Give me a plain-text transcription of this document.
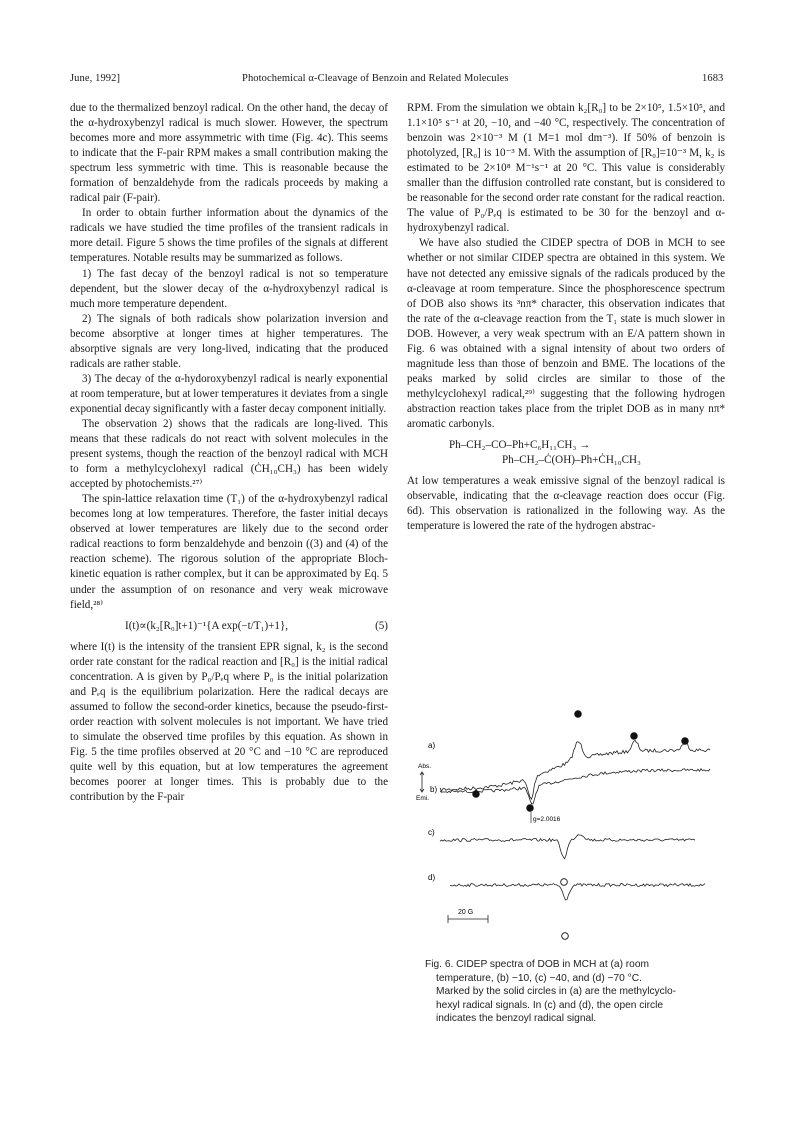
June, 1992]	Photochemical α-Cleavage of Benzoin and Related Molecules	1683

due to the thermalized benzoyl radical. On the other hand, the decay of the α-hydroxybenzyl radical is much slower. However, the spectrum becomes more and more assymmetric with time (Fig. 4c). This seems to indicate that the F-pair RPM makes a small contribution making the spectrum less symmetric with time. This is reasonable because the formation of benzaldehyde from the radicals proceeds by making a radical pair (F-pair).

In order to obtain further information about the dynamics of the radicals we have studied the time profiles of the transient radicals in more detail. Figure 5 shows the time profiles of the signals at different temperatures. Notable results may be summarized as follows.

1) The fast decay of the benzoyl radical is not so temperature dependent, but the slower decay of the α-hydroxybenzyl radical is much more temperature dependent.

2) The signals of both radicals show polarization inversion and become absorptive at longer times at higher temperatures. The absorptive signals are very long-lived, indicating that the produced radicals are rather stable.

3) The decay of the α-hydoroxybenzyl radical is nearly exponential at room temperature, but at lower temperatures it deviates from a single exponential decay significantly with a faster decay component initially.

The observation 2) shows that the radicals are long-lived. This means that these radicals do not react with solvent molecules in the present systems, though the reaction of the benzoyl radical with MCH to form a methylcyclohexyl radical (ĊH₁₀CH₃) has been widely accepted by photochemists.²⁷⁾

The spin-lattice relaxation time (T₁) of the α-hydroxybenzyl radical becomes long at low temperatures. Therefore, the faster initial decays observed at lower temperatures are likely due to the second order radical reactions to form benzaldehyde and benzoin ((3) and (4) of the reaction scheme). The rigorous solution of the appropriate Bloch-kinetic equation is rather complex, but it can be approximated by Eq. 5 under the assumption of on resonance and very weak microwave field,²⁸⁾

I(t)∝(k₂[R₀]t+1)⁻¹{A exp(−t/T₁)+1},	(5)

where I(t) is the intensity of the transient EPR signal, k₂ is the second order rate constant for the radical reaction and [R₀] is the initial radical concentration. A is given by P₀/Pₑq where P₀ is the initial polarization and Pₑq is the equilibrium polarization. Here the radical decays are assumed to follow the second-order kinetics, because the pseudo-first-order reaction with solvent molecules is not important. We have tried to simulate the observed time profiles by this equation. As shown in Fig. 5 the time profiles observed at 20 °C and −10 °C are reproduced quite well by this equation, but at low temperatures the agreement becomes poorer at longer times. This is probably due to the contribution by the F-pair

RPM. From the simulation we obtain k₂[R₀] to be 2×10⁵, 1.5×10⁵, and 1.1×10⁵ s⁻¹ at 20, −10, and −40 °C, respectively. The concentration of benzoin was 2×10⁻³ M (1 M=1 mol dm⁻³). If 50% of benzoin is photolyzed, [R₀] is 10⁻³ M. With the assumption of [R₀]=10⁻³ M, k₂ is estimated to be 2×10⁸ M⁻¹s⁻¹ at 20 °C. This value is considerably smaller than the diffusion controlled rate constant, but is considered to be reasonable for the second order rate constant for the radical reaction. The value of P₀/Pₑq is estimated to be 30 for the benzoyl and α-hydroxybenzyl radical.

We have also studied the CIDEP spectra of DOB in MCH to see whether or not similar CIDEP spectra are obtained in this system. We have not detected any emissive signals of the radicals produced by the α-cleavage at room temperature. Since the phosphorescence spectrum of DOB also shows its ³nπ* character, this observation indicates that the rate of the α-cleavage reaction from the T₁ state is much slower in DOB. However, a very weak spectrum with an E/A pattern shown in Fig. 6 was obtained with a signal intensity of about two orders of magnitude less than those of benzoin and BME. The locations of the peaks marked by solid circles are similar to those of the methylcyclohexyl radical,²⁹⁾ suggesting that the following hydrogen abstraction reaction takes place from the triplet DOB as in many nπ* aromatic carbonyls.

Ph–CH₂–CO–Ph+C₆H₁₁CH₃ →
Ph–CH₂–Ċ(OH)–Ph+ĊH₁₀CH₃

At low temperatures a weak emissive signal of the benzoyl radical is observable, indicating that the α-cleavage reaction does occur (Fig. 6d). This observation is rationalized in the following way. As the temperature is lowered the rate of the hydrogen abstrac-

a)
b)
c)
d)
Abs.
Emi.
g=2.0016
20 G

Fig. 6. CIDEP spectra of DOB in MCH at (a) room

temperature, (b) −10, (c) −40, and (d) −70 °C.

Marked by the solid circles in (a) are the methylcyclo-

hexyl radical signals. In (c) and (d), the open circle

indicates the benzoyl radical signal.
